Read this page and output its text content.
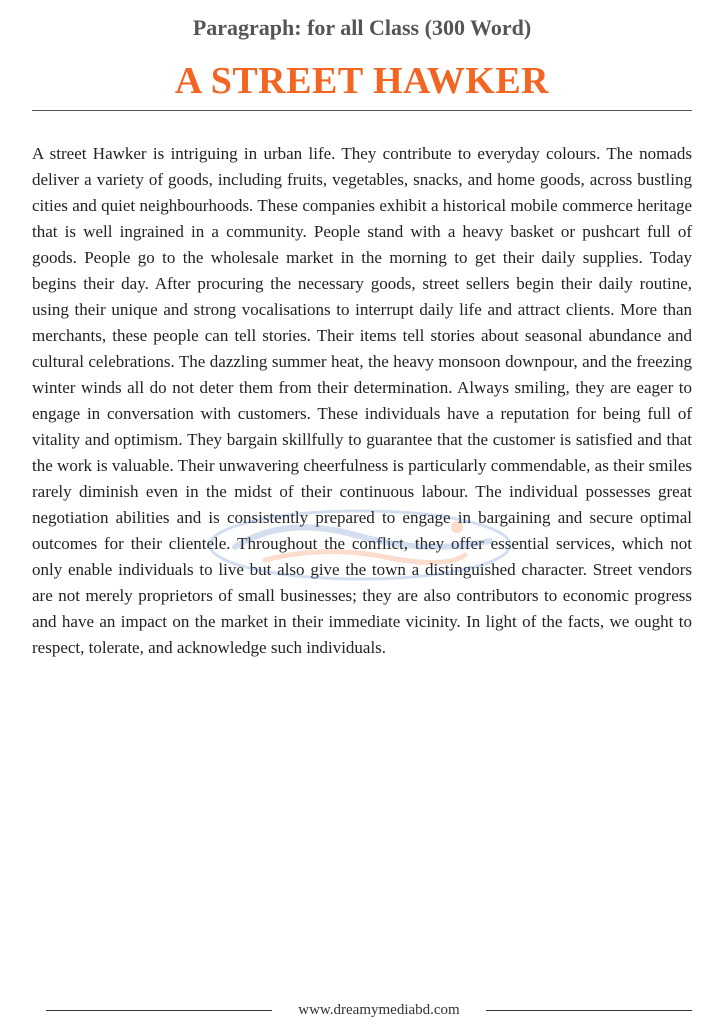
Paragraph: for all Class (300 Word)
A STREET HAWKER

A street Hawker is intriguing in urban life. They contribute to everyday colours. The nomads deliver a variety of goods, including fruits, vegetables, snacks, and home goods, across bustling cities and quiet neighbourhoods. These companies exhibit a historical mobile commerce heritage that is well ingrained in a community. People stand with a heavy basket or pushcart full of goods. People go to the wholesale market in the morning to get their daily supplies. Today begins their day. After procuring the necessary goods, street sellers begin their daily routine, using their unique and strong vocalisations to interrupt daily life and attract clients. More than merchants, these people can tell stories. Their items tell stories about seasonal abundance and cultural celebrations. The dazzling summer heat, the heavy monsoon downpour, and the freezing winter winds all do not deter them from their determination. Always smiling, they are eager to engage in conversation with customers. These individuals have a reputation for being full of vitality and optimism. They bargain skillfully to guarantee that the customer is satisfied and that the work is valuable. Their unwavering cheerfulness is particularly commendable, as their smiles rarely diminish even in the midst of their continuous labour. The individual possesses great negotiation abilities and is consistently prepared to engage in bargaining and secure optimal outcomes for their clientele. Throughout the conflict, they offer essential services, which not only enable individuals to live but also give the town a distinguished character. Street vendors are not merely proprietors of small businesses; they are also contributors to economic progress and have an impact on the market in their immediate vicinity. In light of the facts, we ought to respect, tolerate, and acknowledge such individuals.

www.dreamymediabd.com
